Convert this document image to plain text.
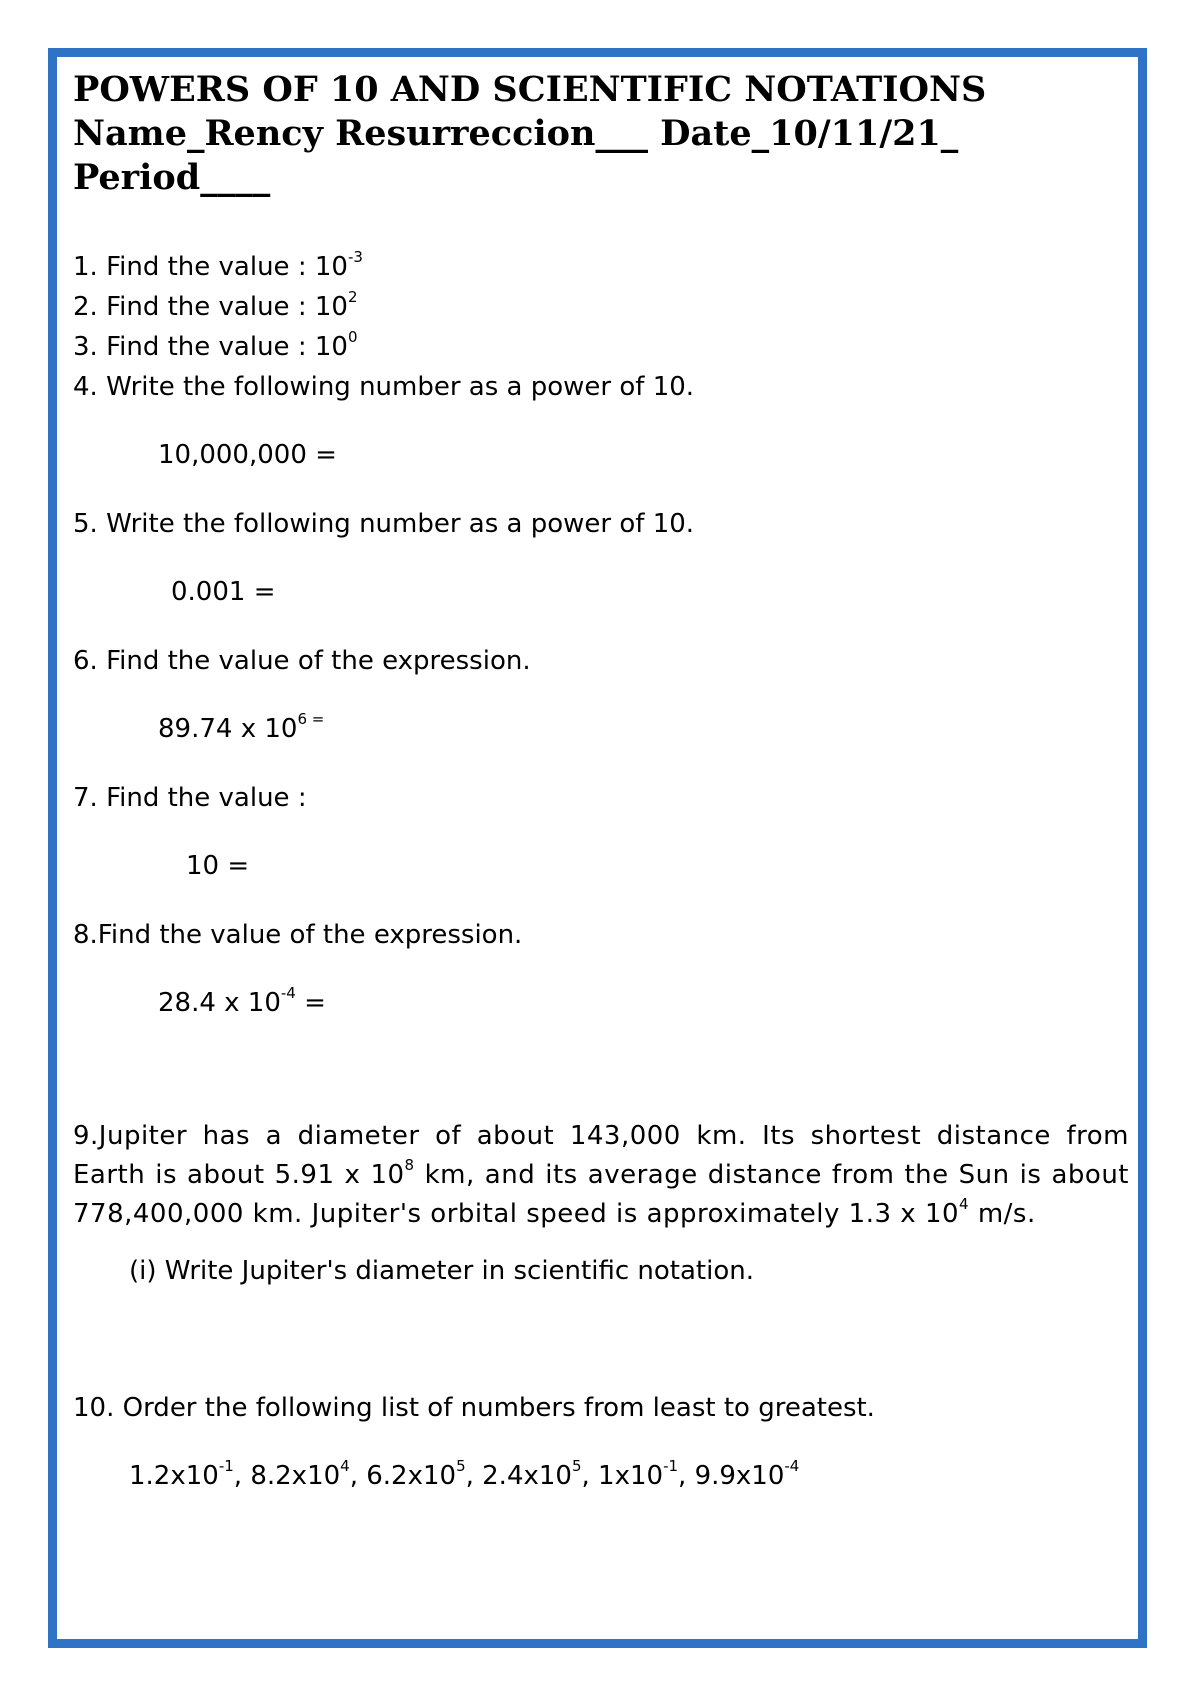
POWERS OF 10 AND SCIENTIFIC NOTATIONS

Name_Rency Resurreccion___ Date_10/11/21_

Period____

1. Find the value : $10^{-3}$
2. Find the value : $10^2$
3. Find the value : $10^0$
4. Write the following number as a power of 10.
10,000,000 =
5. Write the following number as a power of 10.
0.001 =
6. Find the value of the expression.
89.74 x $10^{6 =}$
7. Find the value :
10 =
8.Find the value of the expression.
28.4 x $10^{-4}$ =
9.Jupiter has a diameter of about 143,000 km. Its shortest distance from Earth is about 5.91 x $10^8$ km, and its average distance from the Sun is about 778,400,000 km. Jupiter's orbital speed is approximately 1.3 x $10^4$ m/s.
(i) Write Jupiter's diameter in scientific notation.
10. Order the following list of numbers from least to greatest.
$1.2x10^{-1}$, $8.2x10^4$, $6.2x10^5$, $2.4x10^5$, $1x10^{-1}$, $9.9x10^{-4}$
